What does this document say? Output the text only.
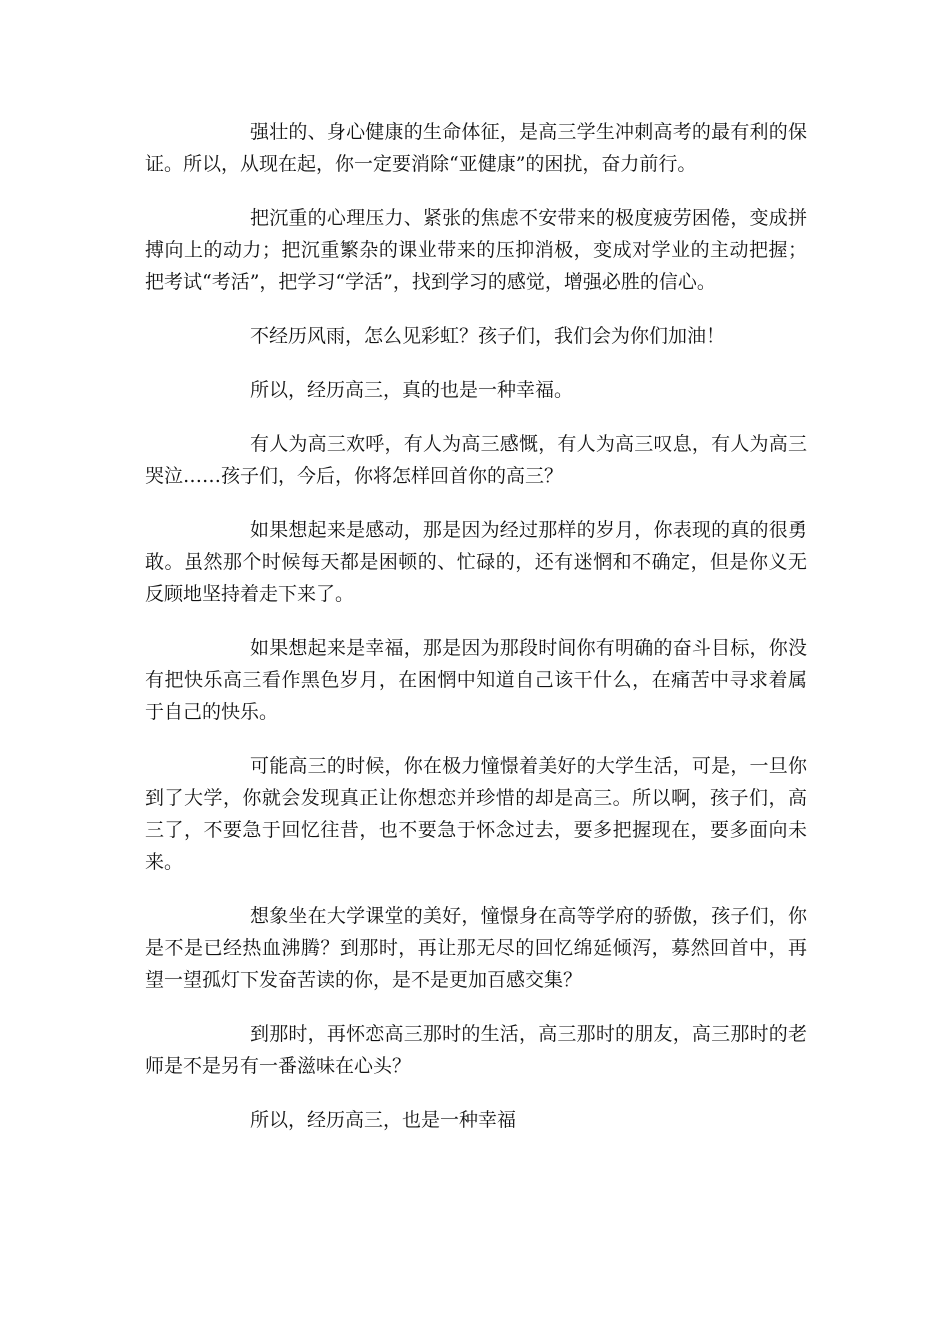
强壮的、身心健康的生命体征，是高三学生冲刺高考的最有利的保证。所以，从现在起，你一定要消除“亚健康”的困扰，奋力前行。

把沉重的心理压力、紧张的焦虑不安带来的极度疲劳困倦，变成拼搏向上的动力；把沉重繁杂的课业带来的压抑消极，变成对学业的主动把握；把考试“考活”，把学习“学活”，找到学习的感觉，增强必胜的信心。

不经历风雨，怎么见彩虹？孩子们，我们会为你们加油！

所以，经历高三，真的也是一种幸福。

有人为高三欢呼，有人为高三感慨，有人为高三叹息，有人为高三哭泣……孩子们，今后，你将怎样回首你的高三？

如果想起来是感动，那是因为经过那样的岁月，你表现的真的很勇敢。虽然那个时候每天都是困顿的、忙碌的，还有迷惘和不确定，但是你义无反顾地坚持着走下来了。

如果想起来是幸福，那是因为那段时间你有明确的奋斗目标，你没有把快乐高三看作黑色岁月，在困惘中知道自己该干什么，在痛苦中寻求着属于自己的快乐。

可能高三的时候，你在极力憧憬着美好的大学生活，可是，一旦你到了大学，你就会发现真正让你想恋并珍惜的却是高三。所以啊，孩子们，高三了，不要急于回忆往昔，也不要急于怀念过去，要多把握现在，要多面向未来。

想象坐在大学课堂的美好，憧憬身在高等学府的骄傲，孩子们，你是不是已经热血沸腾？到那时，再让那无尽的回忆绵延倾泻，募然回首中，再望一望孤灯下发奋苦读的你，是不是更加百感交集？

到那时，再怀恋高三那时的生活，高三那时的朋友，高三那时的老师是不是另有一番滋味在心头？

所以，经历高三，也是一种幸福
